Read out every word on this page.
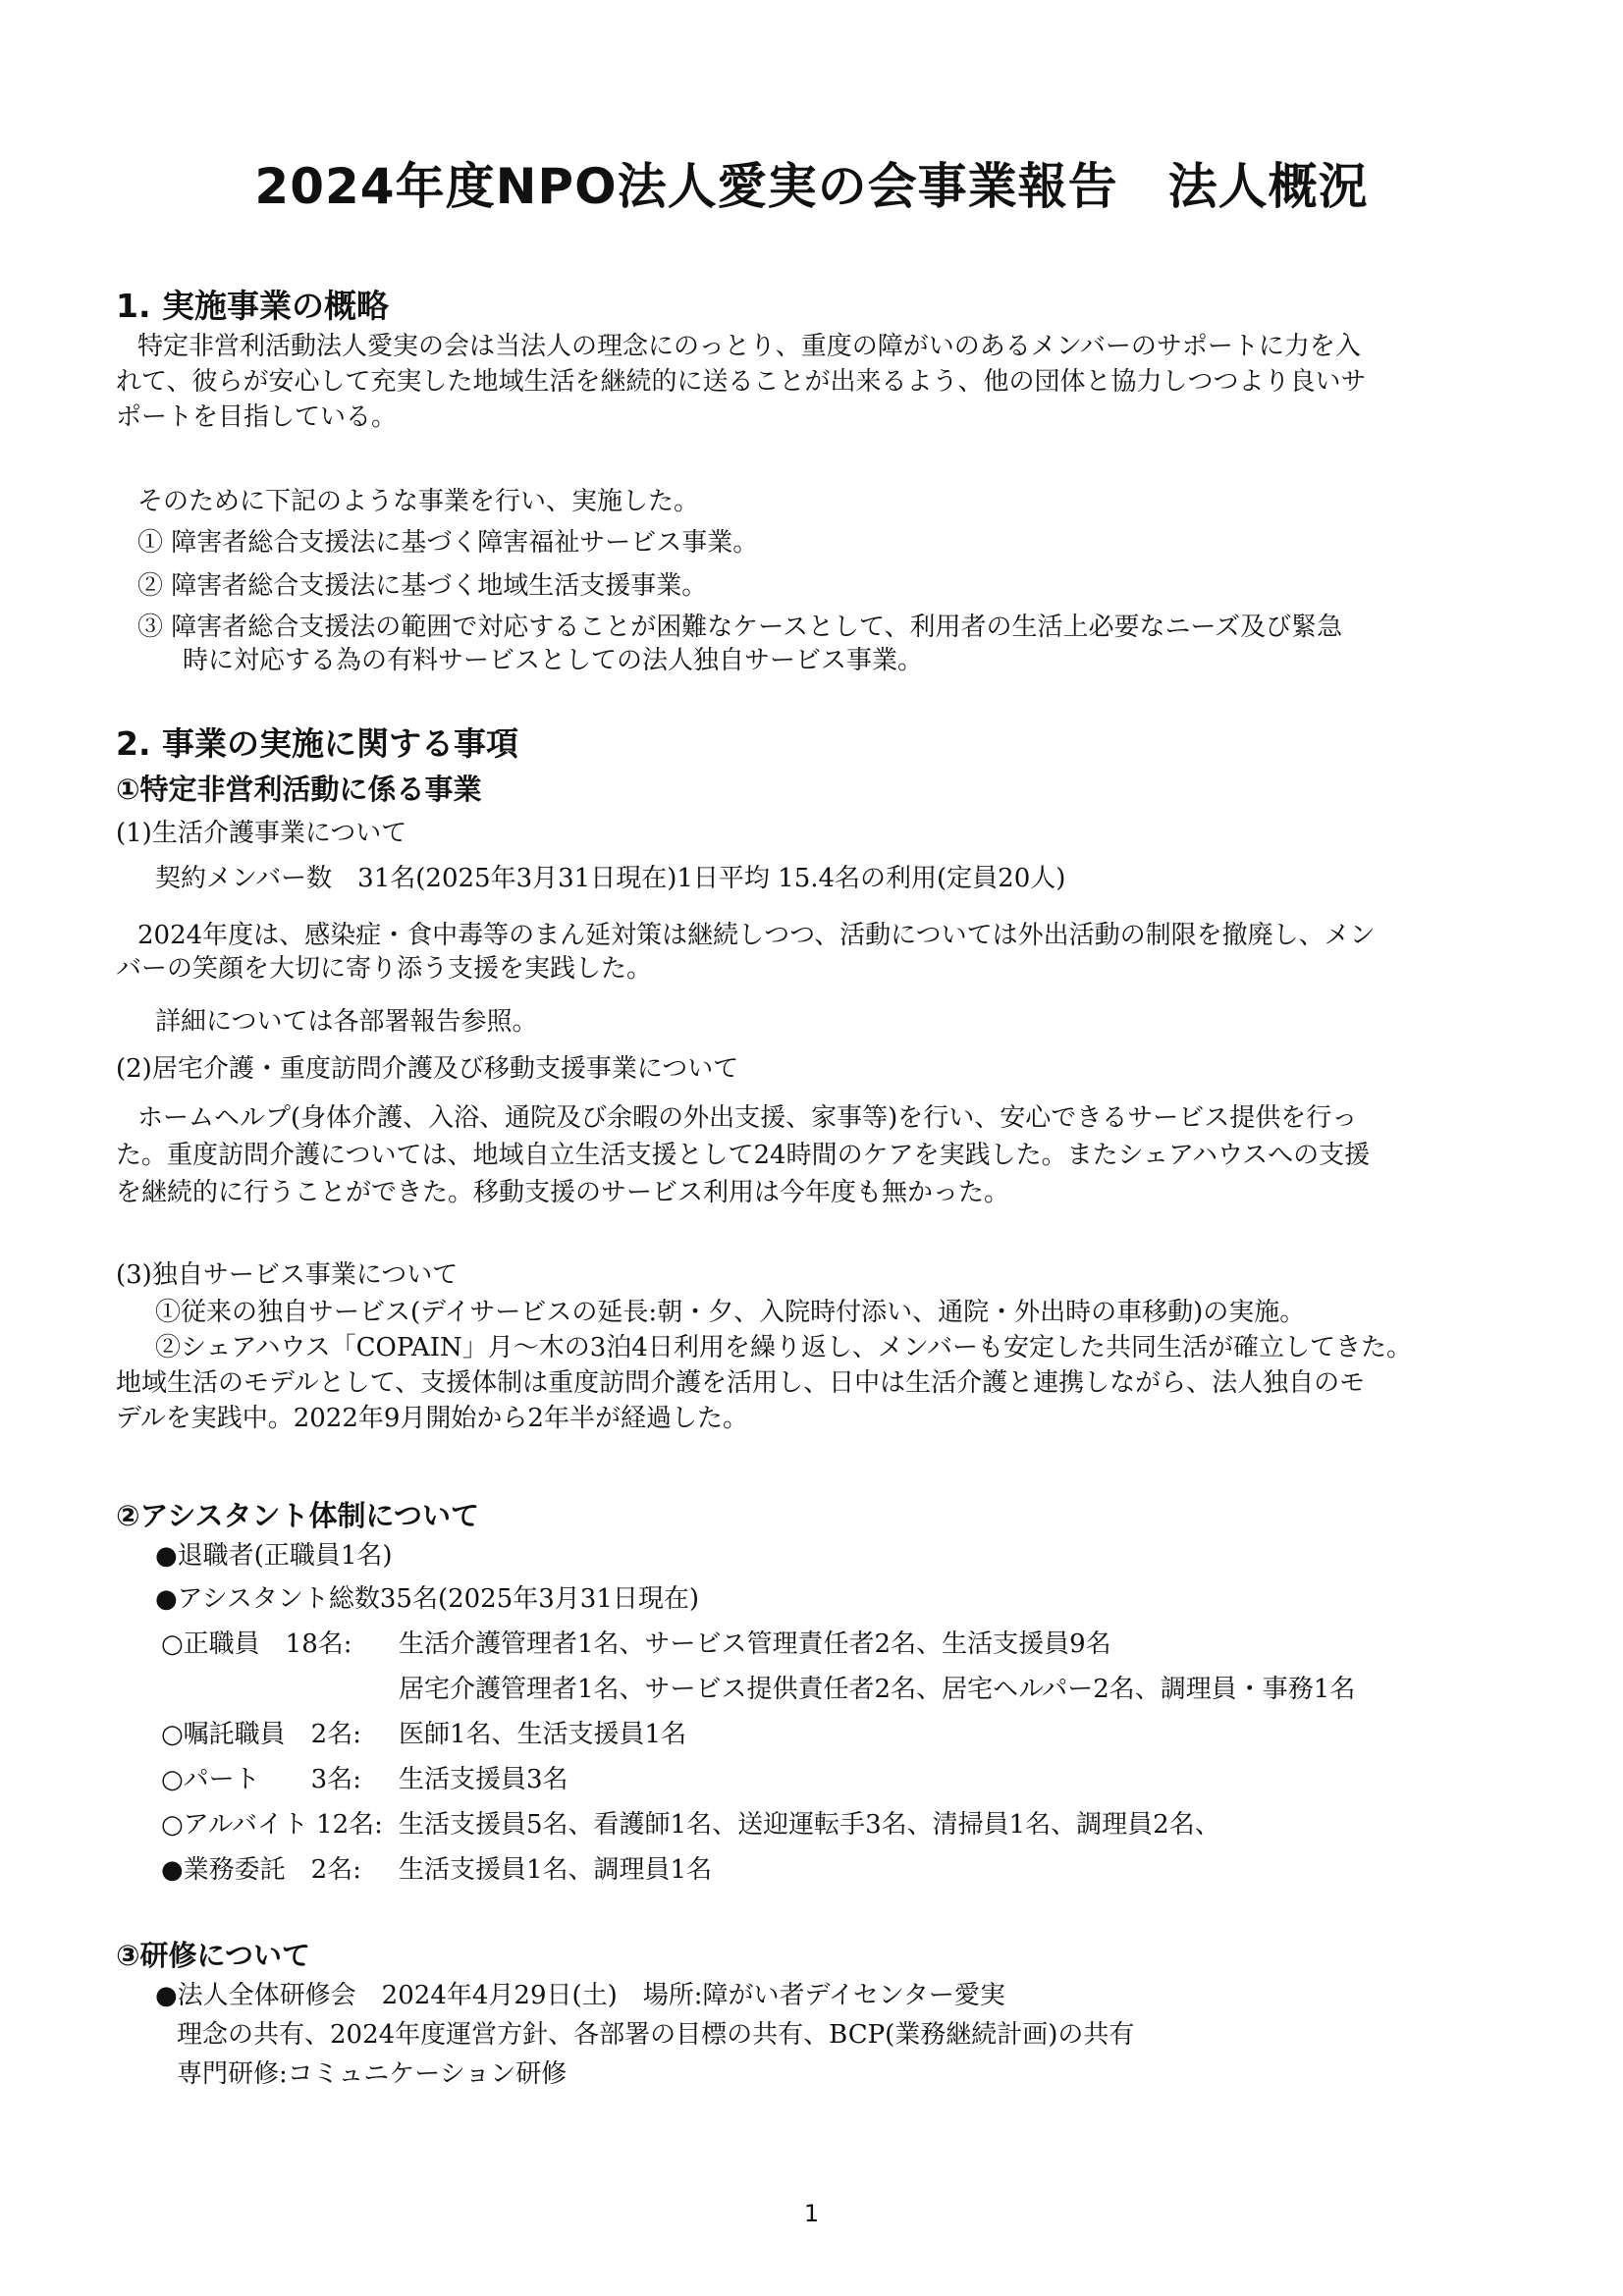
2024年度NPO法人愛実の会事業報告　法人概況
1. 実施事業の概略
特定非営利活動法人愛実の会は当法人の理念にのっとり、重度の障がいのあるメンバーのサポートに力を入
れて、彼らが安心して充実した地域生活を継続的に送ることが出来るよう、他の団体と協力しつつより良いサ
ポートを目指している。
そのために下記のような事業を行い、実施した。
① 障害者総合支援法に基づく障害福祉サービス事業。
② 障害者総合支援法に基づく地域生活支援事業。
③ 障害者総合支援法の範囲で対応することが困難なケースとして、利用者の生活上必要なニーズ及び緊急
時に対応する為の有料サービスとしての法人独自サービス事業。
2. 事業の実施に関する事項
①特定非営利活動に係る事業
(1)生活介護事業について
契約メンバー数　31名(2025年3月31日現在)1日平均 15.4名の利用(定員20人)
2024年度は、感染症・食中毒等のまん延対策は継続しつつ、活動については外出活動の制限を撤廃し、メン
バーの笑顔を大切に寄り添う支援を実践した。
詳細については各部署報告参照。
(2)居宅介護・重度訪問介護及び移動支援事業について
ホームヘルプ(身体介護、入浴、通院及び余暇の外出支援、家事等)を行い、安心できるサービス提供を行っ
た。重度訪問介護については、地域自立生活支援として24時間のケアを実践した。またシェアハウスへの支援
を継続的に行うことができた。移動支援のサービス利用は今年度も無かった。
(3)独自サービス事業について
①従来の独自サービス(デイサービスの延長:朝・夕、入院時付添い、通院・外出時の車移動)の実施。
②シェアハウス「COPAIN」月～木の3泊4日利用を繰り返し、メンバーも安定した共同生活が確立してきた。
地域生活のモデルとして、支援体制は重度訪問介護を活用し、日中は生活介護と連携しながら、法人独自のモ
デルを実践中。2022年9月開始から2年半が経過した。
②アシスタント体制について
●退職者(正職員1名)
●アシスタント総数35名(2025年3月31日現在)
○正職員　18名: 生活介護管理者1名、サービス管理責任者2名、生活支援員9名
居宅介護管理者1名、サービス提供責任者2名、居宅ヘルパー2名、調理員・事務1名
○嘱託職員　2名: 医師1名、生活支援員1名
○パート　　3名: 生活支援員3名
○アルバイト 12名: 生活支援員5名、看護師1名、送迎運転手3名、清掃員1名、調理員2名、
●業務委託　2名: 生活支援員1名、調理員1名
③研修について
●法人全体研修会　2024年4月29日(土)　場所:障がい者デイセンター愛実
理念の共有、2024年度運営方針、各部署の目標の共有、BCP(業務継続計画)の共有
専門研修:コミュニケーション研修
1
